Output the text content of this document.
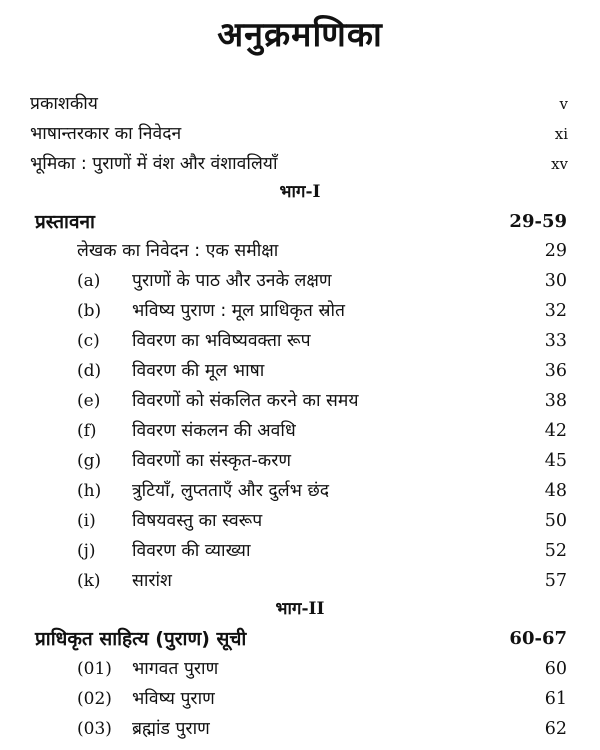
अनुक्रमणिका
प्रकाशकीय	v
भाषान्तरकार का निवेदन	xi
भूमिका : पुराणों में वंश और वंशावलियाँ	xv
भाग-I
प्रस्तावना	29-59
लेखक का निवेदन : एक समीक्षा	29
(a) पुराणों के पाठ और उनके लक्षण	30
(b) भविष्य पुराण : मूल प्राधिकृत स्रोत	32
(c) विवरण का भविष्यवक्ता रूप	33
(d) विवरण की मूल भाषा	36
(e) विवरणों को संकलित करने का समय	38
(f) विवरण संकलन की अवधि	42
(g) विवरणों का संस्कृत-करण	45
(h) त्रुटियाँ, लुप्तताएँ और दुर्लभ छंद	48
(i) विषयवस्तु का स्वरूप	50
(j) विवरण की व्याख्या	52
(k) सारांश	57
भाग-II
प्राधिकृत साहित्य (पुराण) सूची	60-67
(01) भागवत पुराण	60
(02) भविष्य पुराण	61
(03) ब्रह्मांड पुराण	62
